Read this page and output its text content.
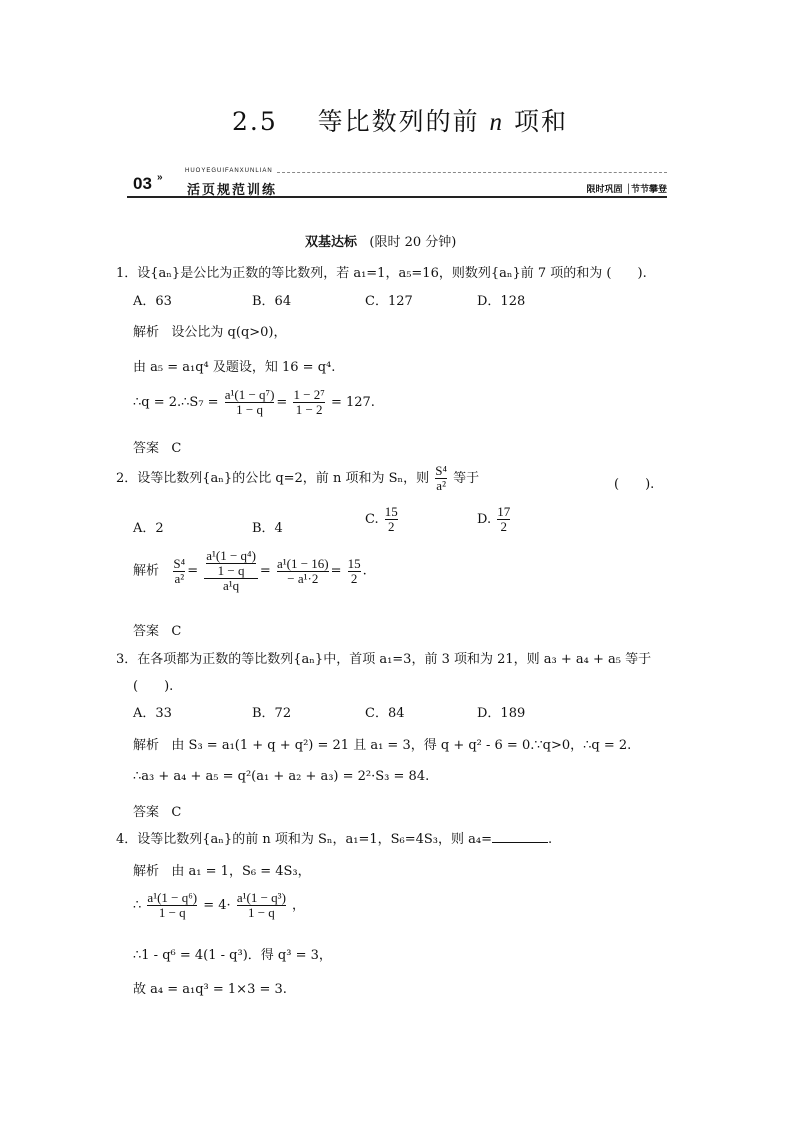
2.5 等比数列的前 n 项和
03 »
HUOYEGUIFANXUNLIAN
活页规范训练	限时巩固 │节节攀登
双基达标 (限时 20 分钟)
1．设{aₙ}是公比为正数的等比数列，若 a₁=1，a₅=16，则数列{aₙ}前 7 项的和为 (　　).
A．63	B．64	C．127	D．128
解析 设公比为 q(q>0)，
由 a₅ = a₁q⁴ 及题设，知 16 = q⁴.
∴q = 2.∴S₇ = $\frac{\text{a¹(1 − q⁷)}}{1 - q} = \frac{\text{1 − 2⁷}}{1 - 2} = 127$.
答案 C
2．设等比数列{aₙ}的公比 q=2，前 n 项和为 Sₙ，则 $\frac{\text{S⁴}}{\text{a²}}$ 等于	(　　).
A．2	B．4
C. $\frac{15}{2}$	D. $\frac{17}{2}$
解析 $\frac{\text{S⁴}}{\text{a²}} = \frac{\frac{\text{a¹(1 − q⁴)}}{1 - q}}{\text{a¹q}} = \frac{\text{a¹(1 − 16)}}{\text{− a¹·2}} = \frac{15}{2}$ .
答案 C
3．在各项都为正数的等比数列{aₙ}中，首项 a₁=3，前 3 项和为 21，则 a₃ + a₄ + a₅ 等于
(　　).
A．33	B．72	C．84	D．189
解析 由 S₃ = a₁(1 + q + q²) = 21 且 a₁ = 3，得 q + q² - 6 = 0.∵q>0，∴q = 2.
∴a₃ + a₄ + a₅ = q²(a₁ + a₂ + a₃) = 2²·S₃ = 84.
答案 C
4．设等比数列{aₙ}的前 n 项和为 Sₙ，a₁=1，S₆=4S₃，则 a₄=	.
解析 由 a₁ = 1，S₆ = 4S₃，
∴ $\frac{\text{a¹(1 − q⁶)}}{1 - q} = 4\cdot \frac{\text{a¹(1 − q³)}}{1 - q}$ ，
∴1 - q⁶ = 4(1 - q³)．得 q³ = 3，
故 a₄ = a₁q³ = 1×3 = 3.
